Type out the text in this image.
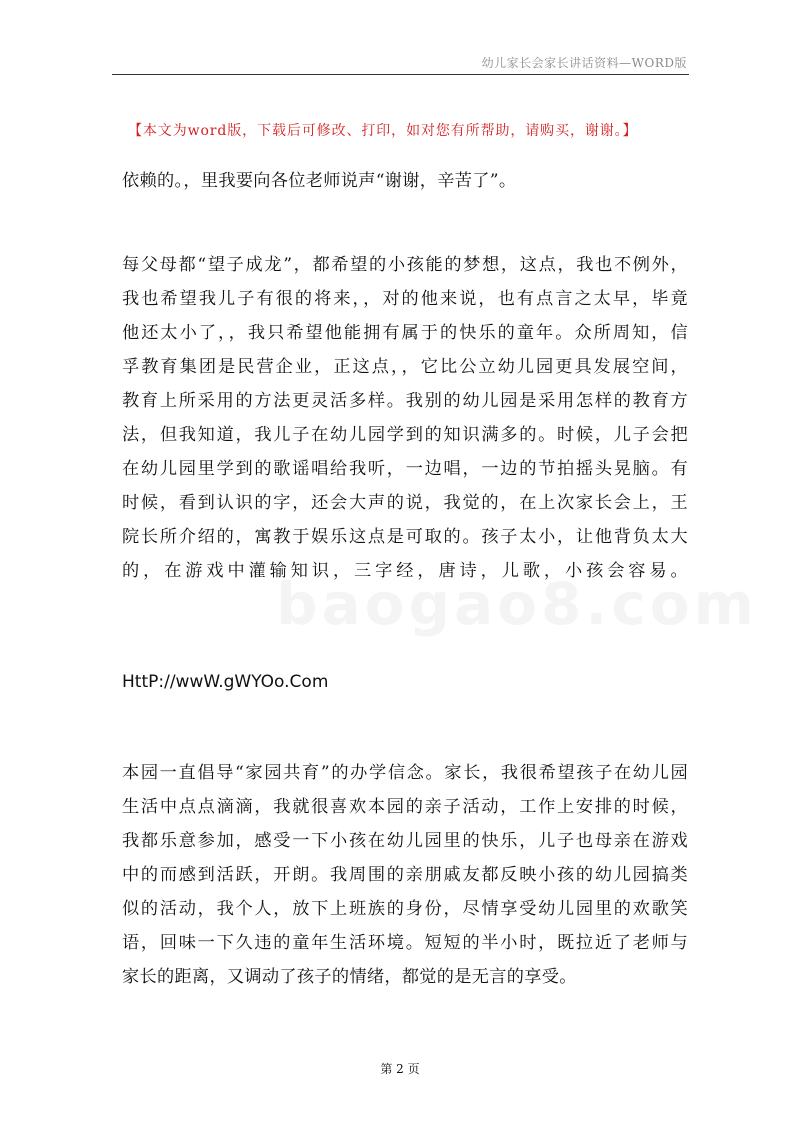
幼儿家长会家长讲话资料—WORD版
【本文为word版，下载后可修改、打印，如对您有所帮助，请购买，谢谢。】

依赖的。，里我要向各位老师说声“谢谢，辛苦了”。

每父母都“望子成龙”，都希望的小孩能的梦想，这点，我也不例外，
我也希望我儿子有很的将来，，对的他来说，也有点言之太早，毕竟
他还太小了，，我只希望他能拥有属于的快乐的童年。众所周知，信
孚教育集团是民营企业，正这点，，它比公立幼儿园更具发展空间，
教育上所采用的方法更灵活多样。我别的幼儿园是采用怎样的教育方
法，但我知道，我儿子在幼儿园学到的知识满多的。时候，儿子会把
在幼儿园里学到的歌谣唱给我听，一边唱，一边的节拍摇头晃脑。有
时候，看到认识的字，还会大声的说，我觉的，在上次家长会上，王
院长所介绍的，寓教于娱乐这点是可取的。孩子太小，让他背负太大
的，在游戏中灌输知识，三字经，唐诗，儿歌，小孩会容易。

HttP://wwW.gWYOo.Com

本园一直倡导“家园共育”的办学信念。家长，我很希望孩子在幼儿园
生活中点点滴滴，我就很喜欢本园的亲子活动，工作上安排的时候，
我都乐意参加，感受一下小孩在幼儿园里的快乐，儿子也母亲在游戏
中的而感到活跃，开朗。我周围的亲朋戚友都反映小孩的幼儿园搞类
似的活动，我个人，放下上班族的身份，尽情享受幼儿园里的欢歌笑
语，回味一下久违的童年生活环境。短短的半小时，既拉近了老师与
家长的距离，又调动了孩子的情绪，都觉的是无言的享受。

第 2 页
